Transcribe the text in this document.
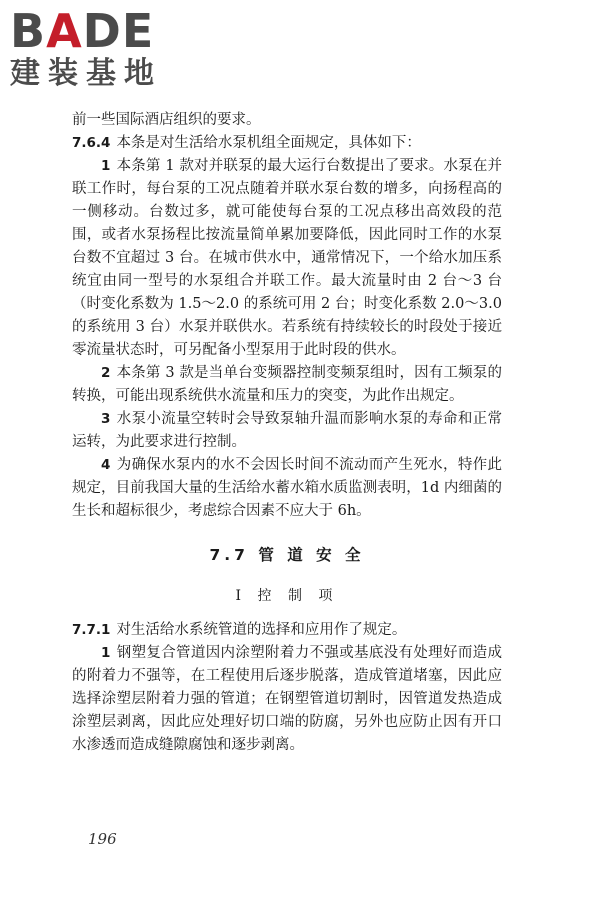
BADE
建装基地

前一些国际酒店组织的要求。

7.6.4 本条是对生活给水泵机组全面规定，具体如下：

1 本条第 1 款对并联泵的最大运行台数提出了要求。水泵在并联工作时，每台泵的工况点随着并联水泵台数的增多，向扬程高的一侧移动。台数过多，就可能使每台泵的工况点移出高效段的范围，或者水泵扬程比按流量简单累加要降低，因此同时工作的水泵台数不宜超过 3 台。在城市供水中，通常情况下，一个给水加压系统宜由同一型号的水泵组合并联工作。最大流量时由 2 台～3 台（时变化系数为 1.5～2.0 的系统可用 2 台；时变化系数 2.0～3.0 的系统用 3 台）水泵并联供水。若系统有持续较长的时段处于接近零流量状态时，可另配备小型泵用于此时段的供水。

2 本条第 3 款是当单台变频器控制变频泵组时，因有工频泵的转换，可能出现系统供水流量和压力的突变，为此作出规定。

3 水泵小流量空转时会导致泵轴升温而影响水泵的寿命和正常运转，为此要求进行控制。

4 为确保水泵内的水不会因长时间不流动而产生死水，特作此规定，目前我国大量的生活给水蓄水箱水质监测表明，1d 内细菌的生长和超标很少，考虑综合因素不应大于 6h。

7.7 管 道 安 全
Ⅰ 控 制 项

7.7.1 对生活给水系统管道的选择和应用作了规定。

1 钢塑复合管道因内涂塑附着力不强或基底没有处理好而造成的附着力不强等，在工程使用后逐步脱落，造成管道堵塞，因此应选择涂塑层附着力强的管道；在钢塑管道切割时，因管道发热造成涂塑层剥离，因此应处理好切口端的防腐，另外也应防止因有开口水渗透而造成缝隙腐蚀和逐步剥离。

196
